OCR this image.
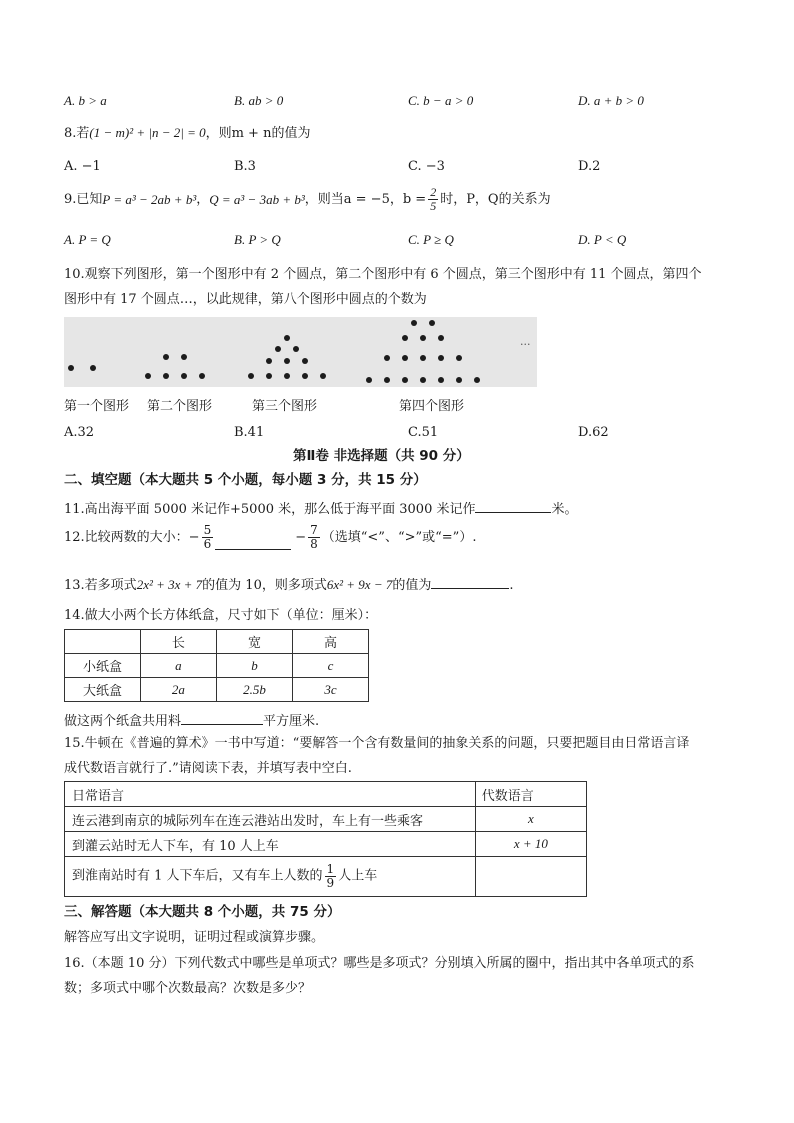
A. b > a	B. ab > 0	C. b − a > 0	D. a + b > 0
8.若(1 − m)² + |n − 2| = 0，则m + n的值为
A. −1	B.3	C. −3	D.2
9.已知 P = a³ − 2ab + b³ ， Q = a³ − 3ab + b³ ，则当a = −5，$b = \frac{2}{5}$ 时，P，Q的关系为
A. P = Q	B. P > Q	C. P ≥ Q	D. P < Q
10.观察下列图形，第一个图形中有 2 个圆点，第二个图形中有 6 个圆点，第三个图形中有 11 个圆点，第四个
图形中有 17 个圆点…，以此规律，第八个图形中圆点的个数为
···
第一个图形 第二个图形	第三个图形	第四个图形
A.32	B.41	C.51	D.62
第Ⅱ卷 非选择题（共 90 分）
二、填空题（本大题共 5 个小题，每小题 3 分，共 15 分）
11.高出海平面 5000 米记作+5000 米，那么低于海平面 3000 米记作	米。
12.比较两数的大小：− $\frac{5}{6}$	− $\frac{7}{8}$ （选填“<”、“>”或“=”）.
13.若多项式2x² + 3x + 7的值为 10，则多项式6x² + 9x − 7的值为	.
14.做大小两个长方体纸盒，尺寸如下（单位：厘米）：
	长	宽	高
小纸盒	a	b	c
大纸盒	2a	2.5b	3c
做这两个纸盒共用料	平方厘米.
15.牛顿在《普遍的算术》一书中写道：“要解答一个含有数量间的抽象关系的问题，只要把题目由日常语言译
成代数语言就行了.”请阅读下表，并填写表中空白.
日常语言	代数语言
连云港到南京的城际列车在连云港站出发时，车上有一些乘客	x
到灌云站时无人下车，有 10 人上车	x + 10
到淮南站时有 1 人下车后，又有车上人数的 $\frac{1}{9}$ 人上车	
三、解答题（本大题共 8 个小题，共 75 分）
解答应写出文字说明，证明过程或演算步骤。
16.（本题 10 分）下列代数式中哪些是单项式？哪些是多项式？分别填入所属的圈中，指出其中各单项式的系
数；多项式中哪个次数最高？次数是多少？
